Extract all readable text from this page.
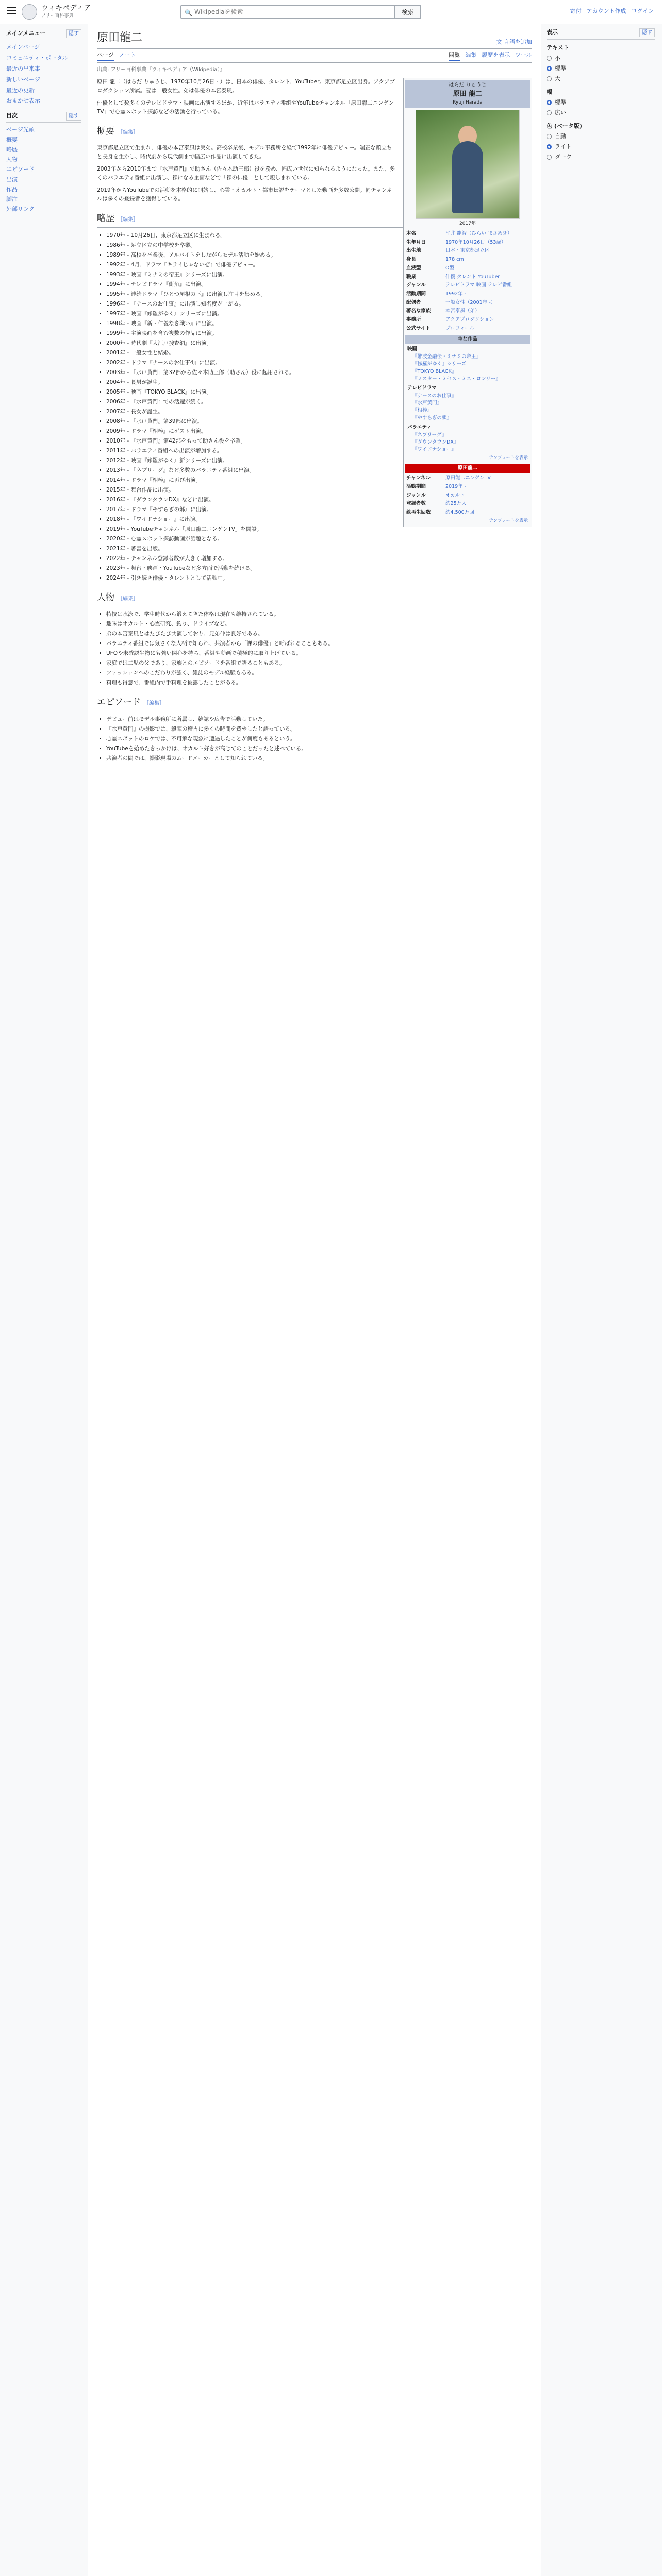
ウィキペディア
フリー百科事典	🔍
Wikipediaを検索	検索	寄付 アカウント作成 ログイン
メインメニュー	隠す
メインページ
コミュニティ・ポータル
最近の出来事
新しいページ
最近の更新
おまかせ表示
目次	隠す
ページ先頭
概要
略歴
人物
エピソード
出演
作品
脚注
外部リンク
原田龍二	文 言語を追加
ページ ノート	閲覧 編集 履歴を表示 ツール
出典: フリー百科事典『ウィキペディア（Wikipedia）』
はらだ りゅうじ
原田 龍二
Ryuji Harada
2017年
本名	平井 龍智（ひらい まさあき）
生年月日	1970年10月26日（53歳）
出生地	日本・東京都足立区
身長	178 cm
血液型	O型
職業	俳優 タレント YouTuber
ジャンル	テレビドラマ 映画 テレビ番組
活動期間	1992年 -
配偶者	一般女性（2001年 -）
著名な家族	本宮泰風（弟）
事務所	アクアプロダクション
公式サイト	プロフィール
主な作品
映画
『難波金融伝・ミナミの帝王』
『修羅がゆく』シリーズ
『TOKYO BLACK』
『ミスター・ミセス・ミス・ロンリー』
テレビドラマ
『ナースのお仕事』
『水戸黄門』
『相棒』
『やすらぎの郷』
バラエティ
『ネプリーグ』
『ダウンタウンDX』
『ワイドナショー』
テンプレートを表示
原田龍二
チャンネル	原田龍二ニンゲンTV
活動期間	2019年 -
ジャンル	オカルト
登録者数	約25万人
総再生回数	約4,500万回
テンプレートを表示

原田 龍二（はらだ りゅうじ、1970年10月26日 - ）は、日本の俳優、タレント、YouTuber。東京都足立区出身。アクアプロダクション所属。妻は一般女性。弟は俳優の本宮泰風。

俳優として数多くのテレビドラマ・映画に出演するほか、近年はバラエティ番組やYouTubeチャンネル「原田龍二ニンゲンTV」で心霊スポット探訪などの活動を行っている。

概要 ［編集］

東京都足立区で生まれ、俳優の本宮泰風は実弟。高校卒業後、モデル事務所を経て1992年に俳優デビュー。端正な顔立ちと長身を生かし、時代劇から現代劇まで幅広い作品に出演してきた。

2003年から2010年まで『水戸黄門』で助さん（佐々木助三郎）役を務め、幅広い世代に知られるようになった。また、多くのバラエティ番組に出演し、裸になる企画などで「裸の俳優」として親しまれている。

2019年からYouTubeでの活動を本格的に開始し、心霊・オカルト・都市伝説をテーマとした動画を多数公開。同チャンネルは多くの登録者を獲得している。

略歴 ［編集］
• 1970年 - 10月26日、東京都足立区に生まれる。
• 1986年 - 足立区立の中学校を卒業。
• 1989年 - 高校を卒業後、アルバイトをしながらモデル活動を始める。
• 1992年 - 4月、ドラマ『キライじゃないぜ』で俳優デビュー。
• 1993年 - 映画『ミナミの帝王』シリーズに出演。
• 1994年 - テレビドラマ『街角』に出演。
• 1995年 - 連続ドラマ『ひとつ屋根の下』に出演し注目を集める。
• 1996年 - 『ナースのお仕事』に出演し知名度が上がる。
• 1997年 - 映画『修羅がゆく』シリーズに出演。
• 1998年 - 映画『新・仁義なき戦い』に出演。
• 1999年 - 主演映画を含む複数の作品に出演。
• 2000年 - 時代劇『大江戸捜査網』に出演。
• 2001年 - 一般女性と結婚。
• 2002年 - ドラマ『ナースのお仕事4』に出演。
• 2003年 - 『水戸黄門』第32部から佐々木助三郎（助さん）役に起用される。
• 2004年 - 長男が誕生。
• 2005年 - 映画『TOKYO BLACK』に出演。
• 2006年 - 『水戸黄門』での活躍が続く。
• 2007年 - 長女が誕生。
• 2008年 - 『水戸黄門』第39部に出演。
• 2009年 - ドラマ『相棒』にゲスト出演。
• 2010年 - 『水戸黄門』第42部をもって助さん役を卒業。
• 2011年 - バラエティ番組への出演が増加する。
• 2012年 - 映画『修羅がゆく』新シリーズに出演。
• 2013年 - 『ネプリーグ』など多数のバラエティ番組に出演。
• 2014年 - ドラマ『相棒』に再び出演。
• 2015年 - 舞台作品に出演。
• 2016年 - 『ダウンタウンDX』などに出演。
• 2017年 - ドラマ『やすらぎの郷』に出演。
• 2018年 - 『ワイドナショー』に出演。
• 2019年 - YouTubeチャンネル「原田龍二ニンゲンTV」を開設。
• 2020年 - 心霊スポット探訪動画が話題となる。
• 2021年 - 著書を出版。
• 2022年 - チャンネル登録者数が大きく増加する。
• 2023年 - 舞台・映画・YouTubeなど多方面で活動を続ける。
• 2024年 - 引き続き俳優・タレントとして活動中。
人物 ［編集］
• 特技は水泳で、学生時代から鍛えてきた体格は現在も維持されている。
• 趣味はオカルト・心霊研究、釣り、ドライブなど。
• 弟の本宮泰風とはたびたび共演しており、兄弟仲は良好である。
• バラエティ番組では気さくな人柄で知られ、共演者から「裸の俳優」と呼ばれることもある。
• UFOや未確認生物にも強い関心を持ち、番組や動画で積極的に取り上げている。
• 家庭では二児の父であり、家族とのエピソードを番組で語ることもある。
• ファッションへのこだわりが強く、雑誌のモデル経験もある。
• 料理も得意で、番組内で手料理を披露したことがある。
エピソード ［編集］
• デビュー前はモデル事務所に所属し、雑誌や広告で活動していた。
• 『水戸黄門』の撮影では、殺陣の稽古に多くの時間を費やしたと語っている。
• 心霊スポットのロケでは、不可解な現象に遭遇したことが何度もあるという。
• YouTubeを始めたきっかけは、オカルト好きが高じてのことだったと述べている。
• 共演者の間では、撮影現場のムードメーカーとして知られている。
表示	隠す
テキスト
小
標準
大
幅
標準
広い
色 (ベータ版)
自動
ライト
ダーク
